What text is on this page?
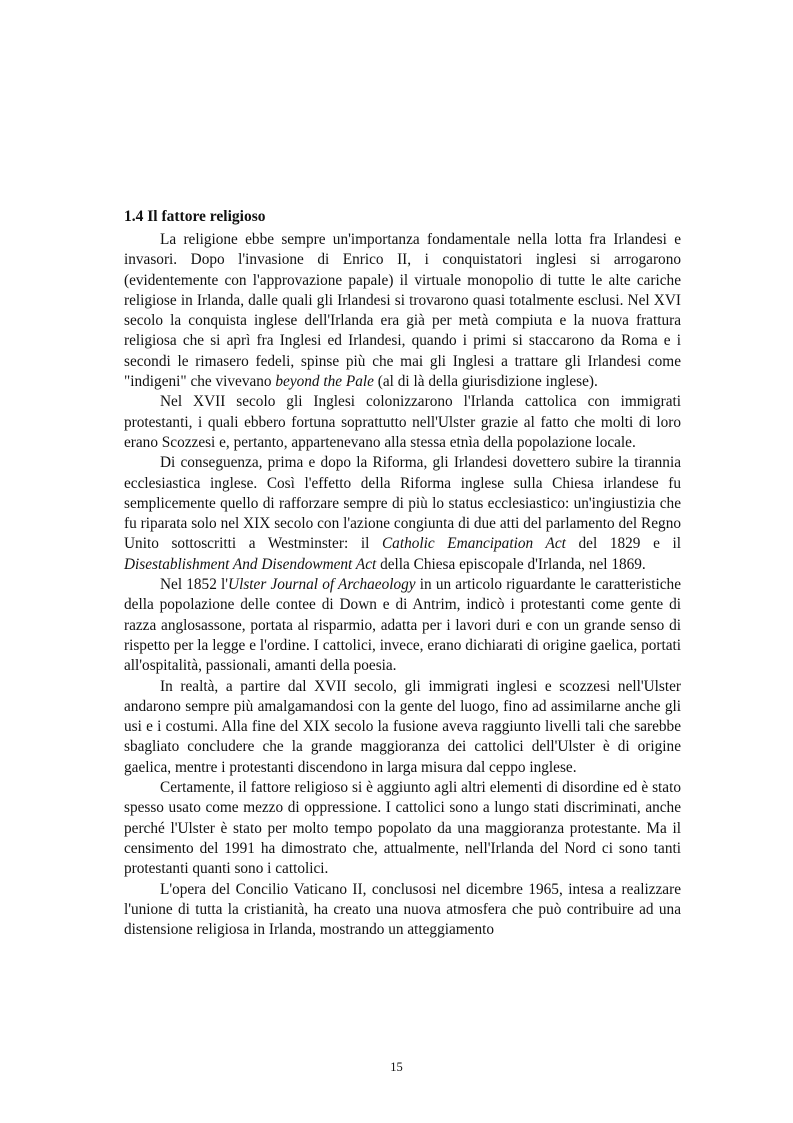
1.4 Il fattore religioso

La religione ebbe sempre un'importanza fondamentale nella lotta fra Irlandesi e invasori. Dopo l'invasione di Enrico II, i conquistatori inglesi si arrogarono (evidentemente con l'approvazione papale) il virtuale monopolio di tutte le alte cariche religiose in Irlanda, dalle quali gli Irlandesi si trovarono quasi totalmente esclusi. Nel XVI secolo la conquista inglese dell'Irlanda era già per metà compiuta e la nuova frattura religiosa che si aprì fra Inglesi ed Irlandesi, quando i primi si staccarono da Roma e i secondi le rimasero fedeli, spinse più che mai gli Inglesi a trattare gli Irlandesi come "indigeni" che vivevano beyond the Pale (al di là della giurisdizione inglese).

Nel XVII secolo gli Inglesi colonizzarono l'Irlanda cattolica con immigrati protestanti, i quali ebbero fortuna soprattutto nell'Ulster grazie al fatto che molti di loro erano Scozzesi e, pertanto, appartenevano alla stessa etnìa della popolazione locale.

Di conseguenza, prima e dopo la Riforma, gli Irlandesi dovettero subire la tirannia ecclesiastica inglese. Così l'effetto della Riforma inglese sulla Chiesa irlandese fu semplicemente quello di rafforzare sempre di più lo status ecclesiastico: un'ingiustizia che fu riparata solo nel XIX secolo con l'azione congiunta di due atti del parlamento del Regno Unito sottoscritti a Westminster: il Catholic Emancipation Act del 1829 e il Disestablishment And Disendowment Act della Chiesa episcopale d'Irlanda, nel 1869.

Nel 1852 l'Ulster Journal of Archaeology in un articolo riguardante le caratteristiche della popolazione delle contee di Down e di Antrim, indicò i protestanti come gente di razza anglosassone, portata al risparmio, adatta per i lavori duri e con un grande senso di rispetto per la legge e l'ordine. I cattolici, invece, erano dichiarati di origine gaelica, portati all'ospitalità, passionali, amanti della poesia.

In realtà, a partire dal XVII secolo, gli immigrati inglesi e scozzesi nell'Ulster andarono sempre più amalgamandosi con la gente del luogo, fino ad assimilarne anche gli usi e i costumi. Alla fine del XIX secolo la fusione aveva raggiunto livelli tali che sarebbe sbagliato concludere che la grande maggioranza dei cattolici dell'Ulster è di origine gaelica, mentre i protestanti discendono in larga misura dal ceppo inglese.

Certamente, il fattore religioso si è aggiunto agli altri elementi di disordine ed è stato spesso usato come mezzo di oppressione. I cattolici sono a lungo stati discriminati, anche perché l'Ulster è stato per molto tempo popolato da una maggioranza protestante. Ma il censimento del 1991 ha dimostrato che, attualmente, nell'Irlanda del Nord ci sono tanti protestanti quanti sono i cattolici.

L'opera del Concilio Vaticano II, conclusosi nel dicembre 1965, intesa a realizzare l'unione di tutta la cristianità, ha creato una nuova atmosfera che può contribuire ad una distensione religiosa in Irlanda, mostrando un atteggiamento

15
